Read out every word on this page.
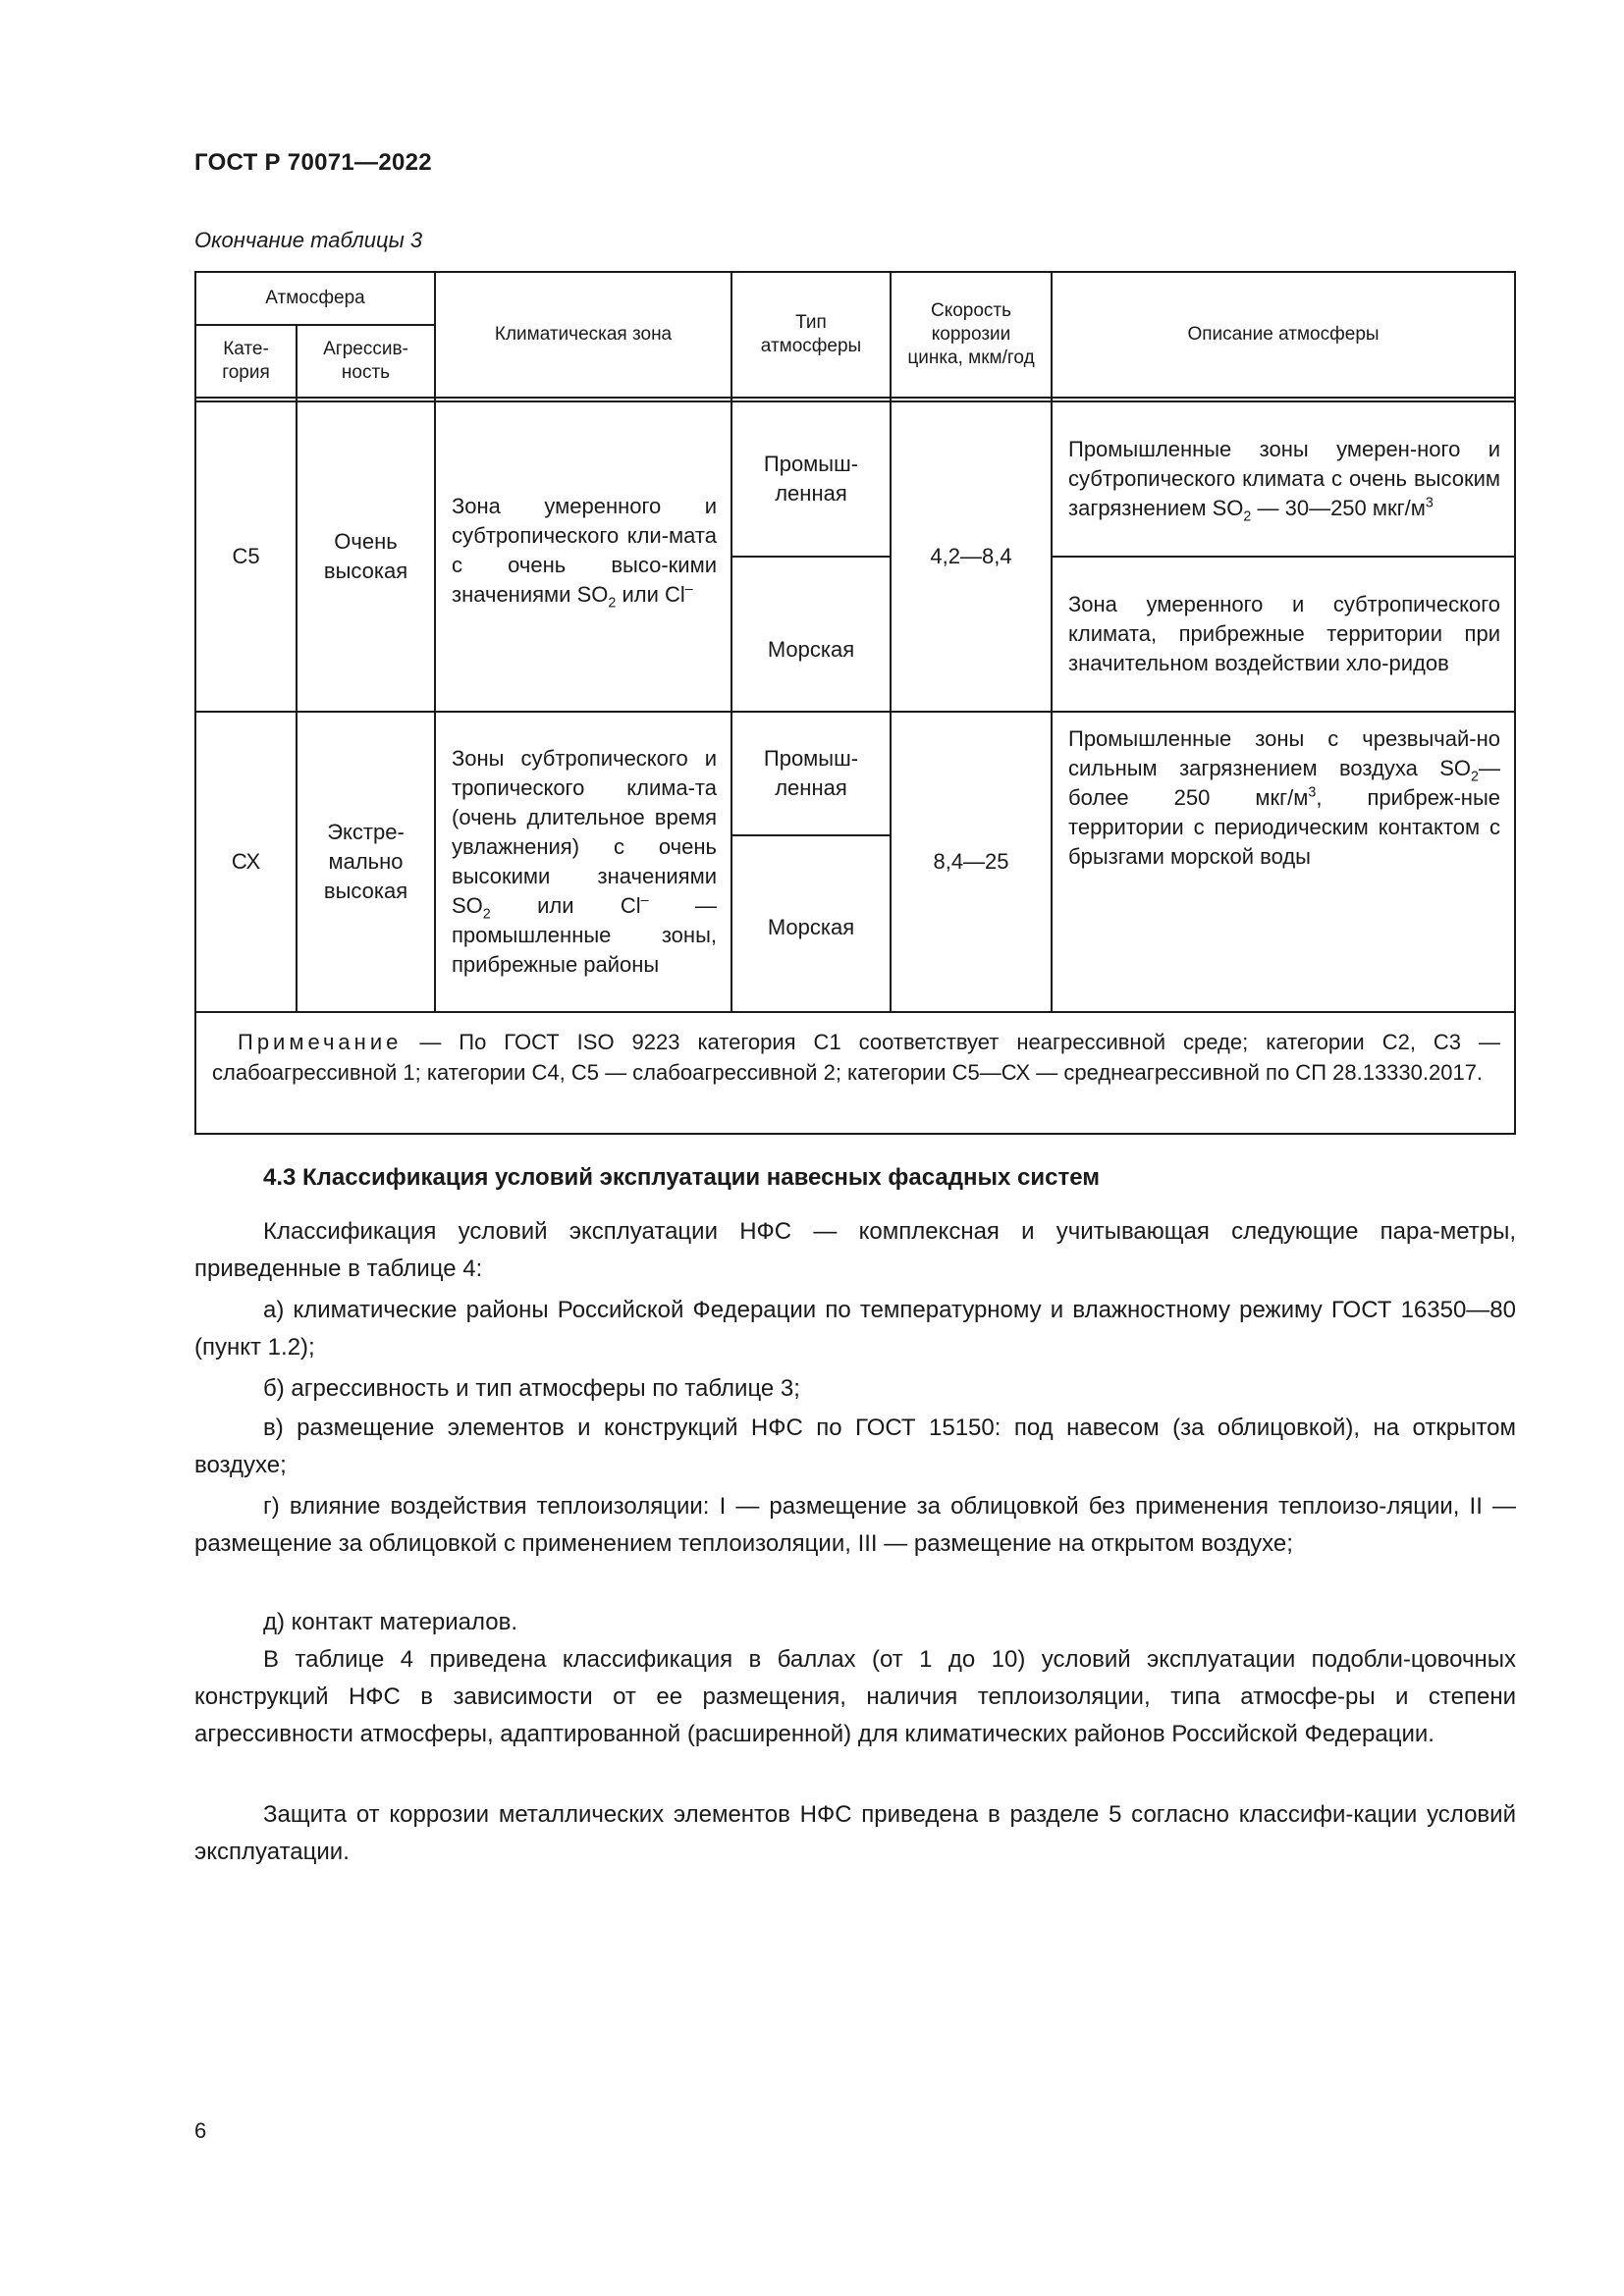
ГОСТ Р 70071—2022
Окончание таблицы 3
Атмосфера
Кате-
гория
Агрессив-
ность
Климатическая зона
Тип
атмосферы
Скорость
коррозии
цинка, мкм/год
Описание атмосферы
С5
Очень
высокая
Зона умеренного и субтропического кли-мата с очень высо-кими значениями $SO_2$ или Cl–
Промыш-
ленная
Морская
4,2—8,4
Промышленные зоны умерен-ного и субтропического климата с очень высоким загрязнением $SO_2$ — 30—250 мкг/$м^3$
Зона умеренного и субтропического климата, прибрежные территории при значительном воздействии хло-ридов
СХ
Экстре-
мально
высокая
Зоны субтропического и тропического клима-та (очень длительное время увлажнения) с очень высокими значениями $SO_2$ или Cl– — промышленные зоны, прибрежные районы
Промыш-
ленная
Морская
8,4—25
Промышленные зоны с чрезвычай-но сильным загрязнением воздуха $SO_2—$ более 250 мкг/$м^3$, прибреж-ные территории с периодическим контактом с брызгами морской воды
Примечание — По ГОСТ ISO 9223 категория С1 соответствует неагрессивной среде; категории С2, С3 — слабоагрессивной 1; категории С4, С5 — слабоагрессивной 2; категории С5—СХ — среднеагрессивной по СП 28.13330.2017.
4.3 Классификация условий эксплуатации навесных фасадных систем
Классификация условий эксплуатации НФС — комплексная и учитывающая следующие пара-метры, приведенные в таблице 4:
а) климатические районы Российской Федерации по температурному и влажностному режиму ГОСТ 16350—80 (пункт 1.2);
б) агрессивность и тип атмосферы по таблице 3;
в) размещение элементов и конструкций НФС по ГОСТ 15150: под навесом (за облицовкой), на открытом воздухе;
г) влияние воздействия теплоизоляции: I — размещение за облицовкой без применения теплоизо-ляции, II — размещение за облицовкой с применением теплоизоляции, III — размещение на открытом воздухе;
д) контакт материалов.
В таблице 4 приведена классификация в баллах (от 1 до 10) условий эксплуатации подобли-цовочных конструкций НФС в зависимости от ее размещения, наличия теплоизоляции, типа атмосфе-ры и степени агрессивности атмосферы, адаптированной (расширенной) для климатических районов Российской Федерации.
Защита от коррозии металлических элементов НФС приведена в разделе 5 согласно классифи-кации условий эксплуатации.
6
